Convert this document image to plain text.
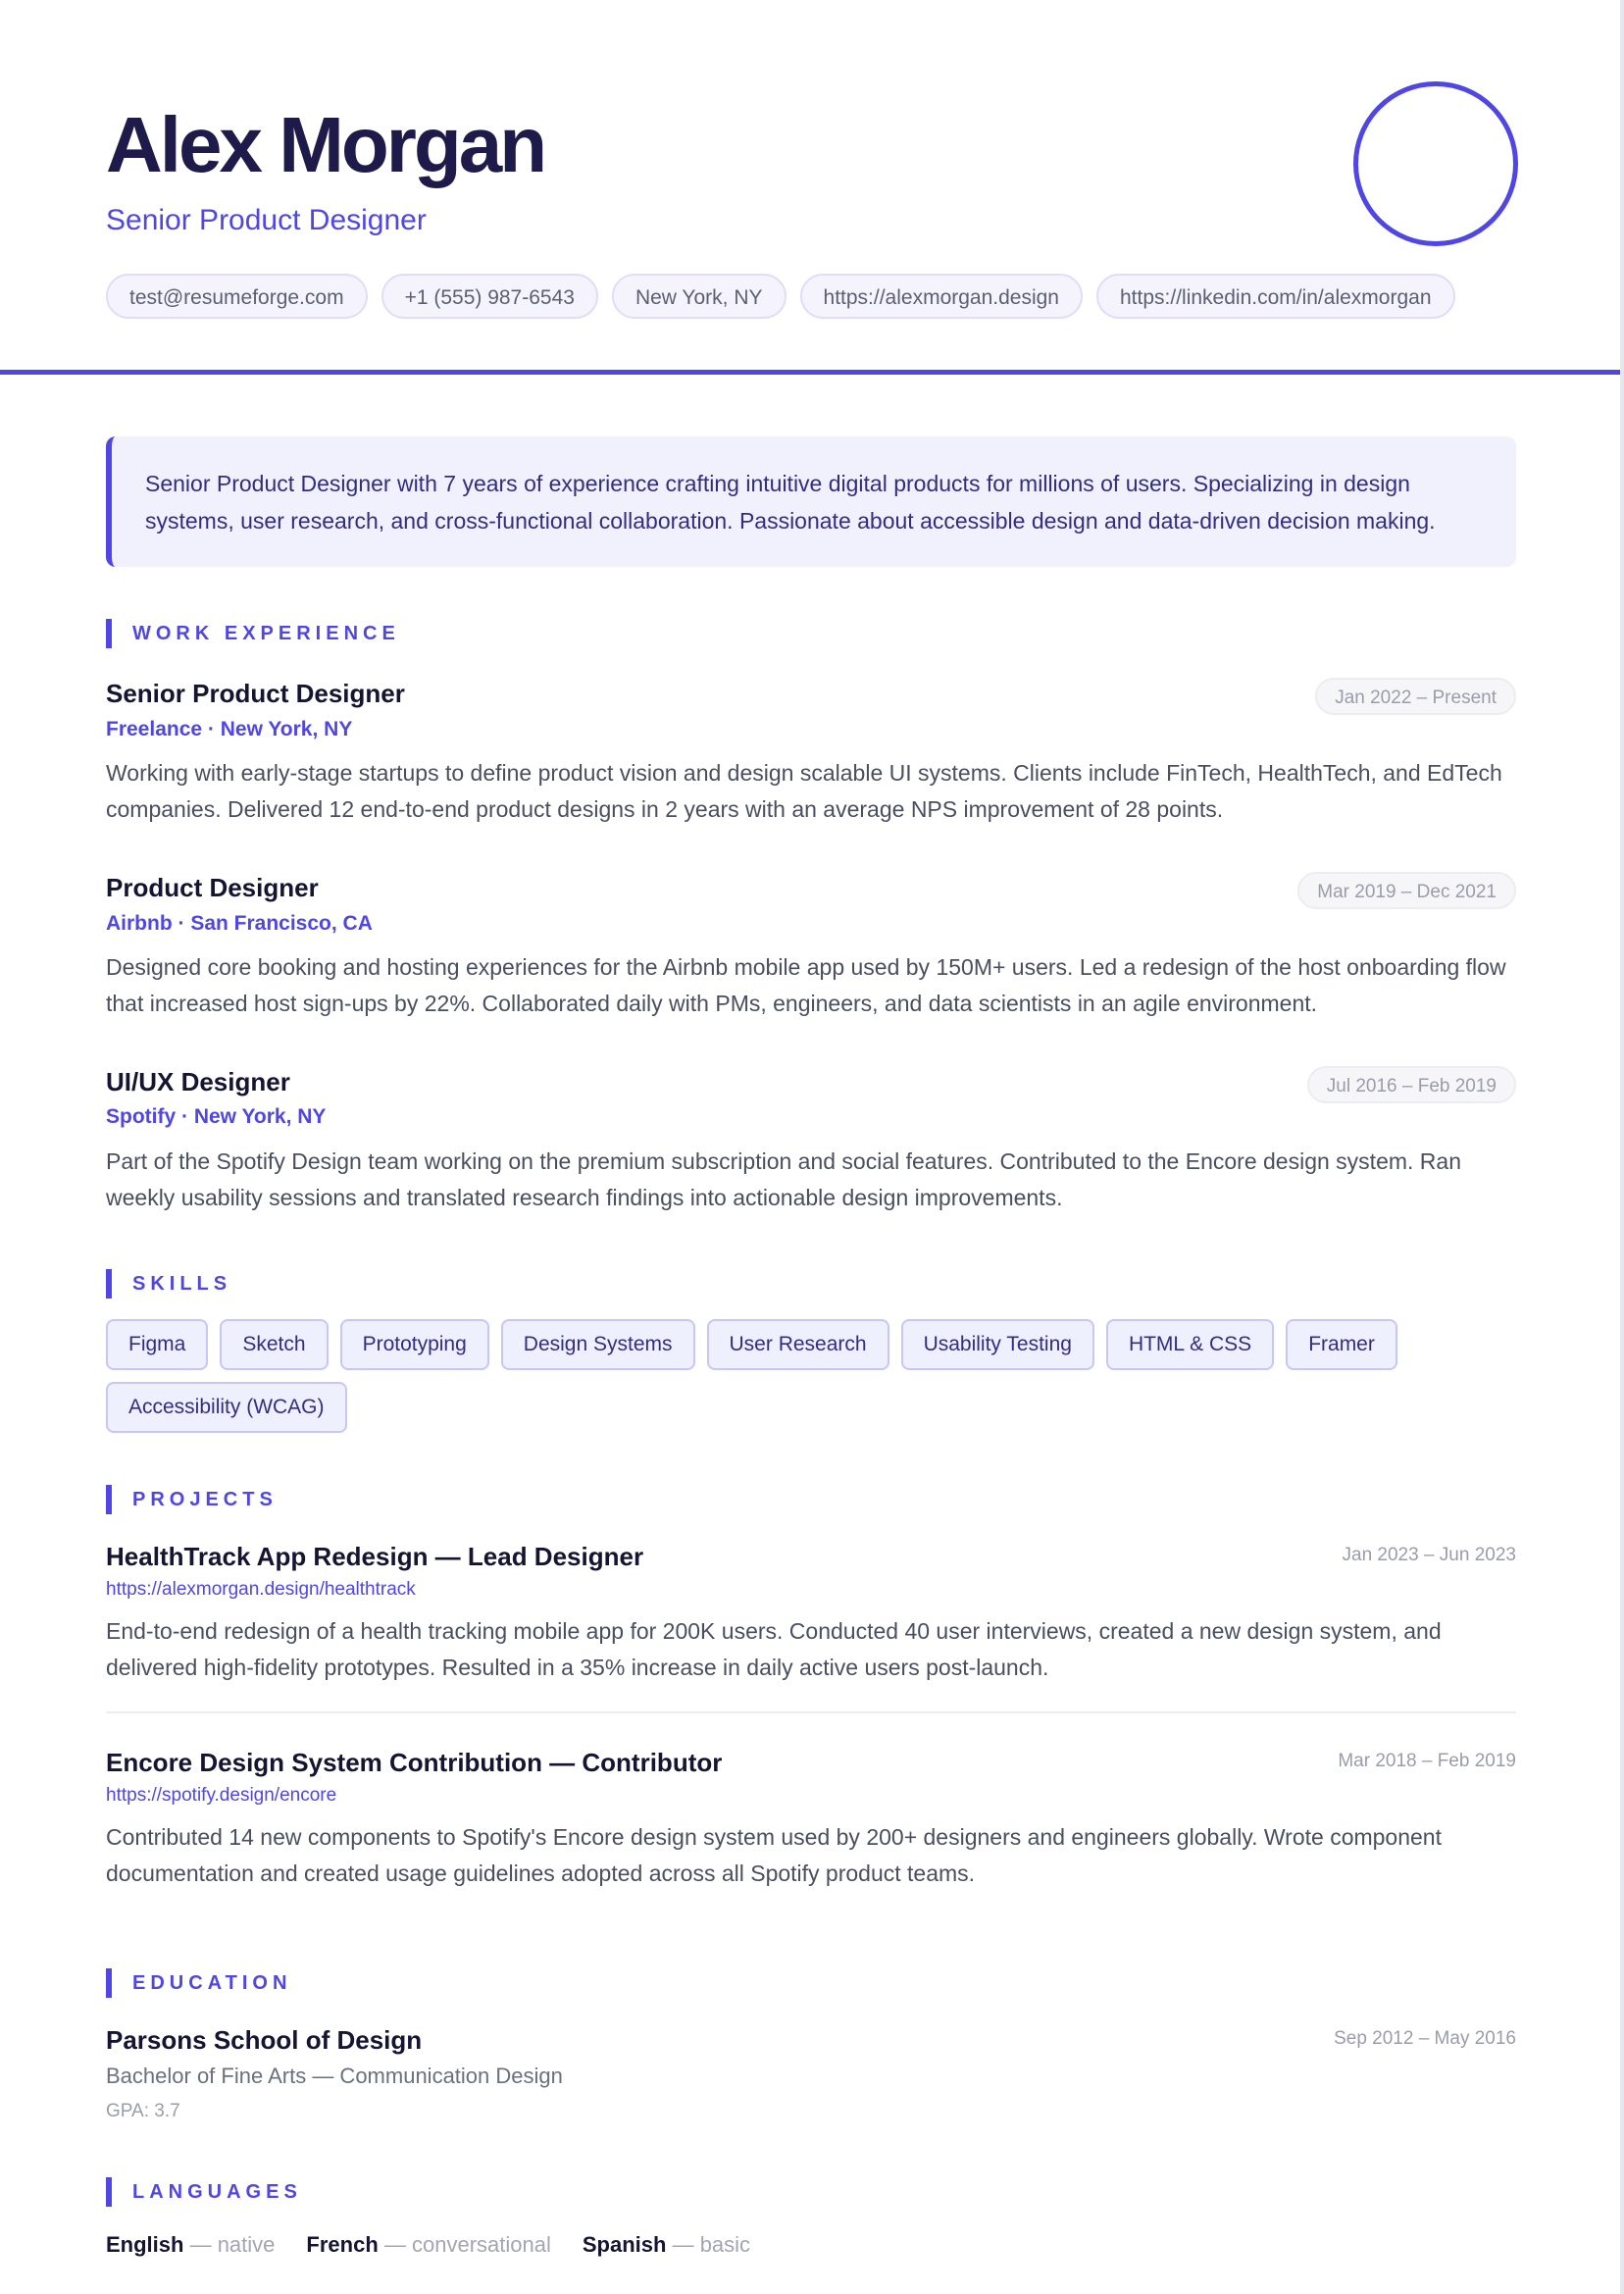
Alex Morgan
Senior Product Designer
test@resumeforge.com	+1 (555) 987-6543	New York, NY	https://alexmorgan.design	https://linkedin.com/in/alexmorgan
Senior Product Designer with 7 years of experience crafting intuitive digital products for millions of users. Specializing in design systems, user research, and cross-functional collaboration. Passionate about accessible design and data-driven decision making.
WORK EXPERIENCE
Senior Product Designer
Freelance · New York, NY
Jan 2022 – Present
Working with early-stage startups to define product vision and design scalable UI systems. Clients include FinTech, HealthTech, and EdTech companies. Delivered 12 end-to-end product designs in 2 years with an average NPS improvement of 28 points.
Product Designer
Airbnb · San Francisco, CA
Mar 2019 – Dec 2021
Designed core booking and hosting experiences for the Airbnb mobile app used by 150M+ users. Led a redesign of the host onboarding flow that increased host sign-ups by 22%. Collaborated daily with PMs, engineers, and data scientists in an agile environment.
UI/UX Designer
Spotify · New York, NY
Jul 2016 – Feb 2019
Part of the Spotify Design team working on the premium subscription and social features. Contributed to the Encore design system. Ran weekly usability sessions and translated research findings into actionable design improvements.
SKILLS
Figma	Sketch	Prototyping	Design Systems	User Research	Usability Testing	HTML & CSS	Framer
Accessibility (WCAG)
PROJECTS
HealthTrack App Redesign — Lead Designer	Jan 2023 – Jun 2023
https://alexmorgan.design/healthtrack
End-to-end redesign of a health tracking mobile app for 200K users. Conducted 40 user interviews, created a new design system, and delivered high-fidelity prototypes. Resulted in a 35% increase in daily active users post-launch.
Encore Design System Contribution — Contributor	Mar 2018 – Feb 2019
https://spotify.design/encore
Contributed 14 new components to Spotify's Encore design system used by 200+ designers and engineers globally. Wrote component documentation and created usage guidelines adopted across all Spotify product teams.
EDUCATION
Parsons School of Design	Sep 2012 – May 2016
Bachelor of Fine Arts — Communication Design
GPA: 3.7
LANGUAGES
English — native French — conversational Spanish — basic
